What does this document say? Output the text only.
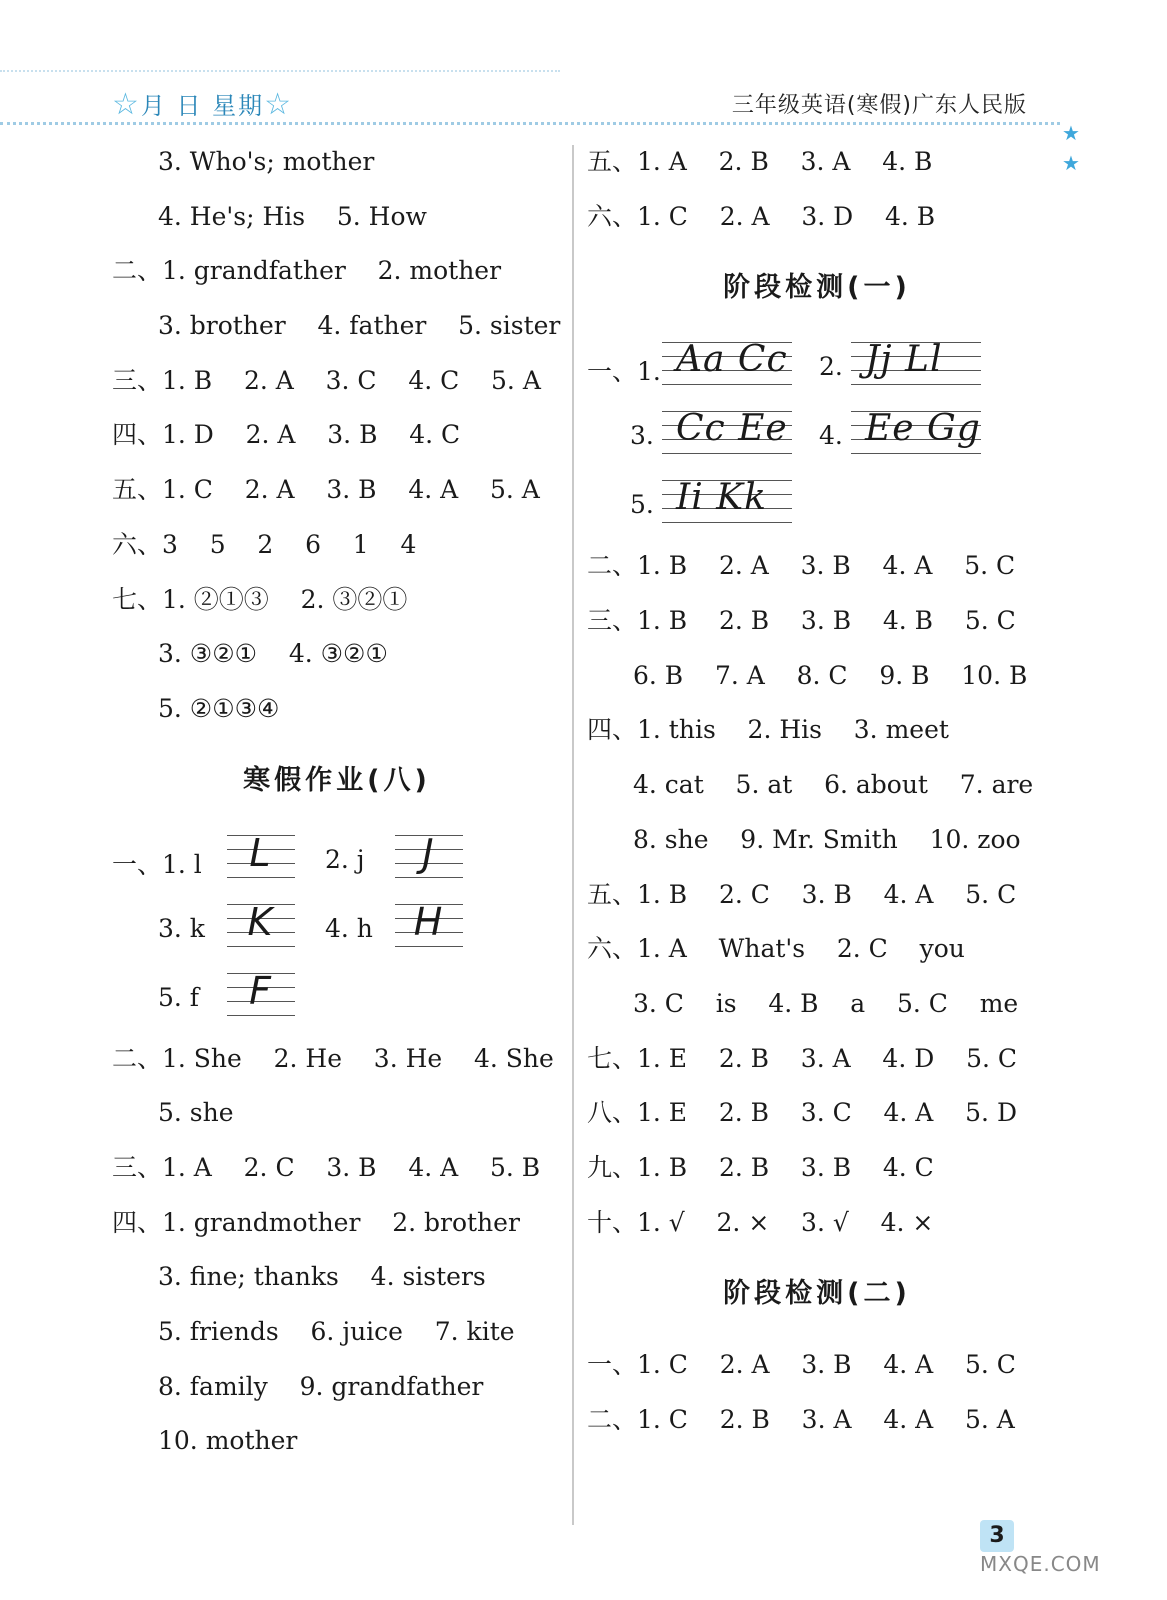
☆月 日 星期☆	三年级英语(寒假)广东人民版
★
★
3. Who's; mother
4. He's; His    5. How
二、1. grandfather    2. mother
3. brother    4. father    5. sister
三、1. B    2. A    3. C    4. C    5. A
四、1. D    2. A    3. B    4. C
五、1. C    2. A    3. B    4. A    5. A
六、3    5    2    6    1    4
七、1. ②①③    2. ③②①
3. ③②①    4. ③②①
5. ②①③④
寒假作业(八)
一、1. l	L	2. j	J
3. k	K	4. h	H
5. f	F
二、1. She    2. He    3. He    4. She
5. she
三、1. A    2. C    3. B    4. A    5. B
四、1. grandmother    2. brother
3. fine; thanks    4. sisters
5. friends    6. juice    7. kite
8. family    9. grandfather
10. mother
五、1. A    2. B    3. A    4. B
六、1. C    2. A    3. D    4. B
阶段检测(一)
一、1. Aa Cc 2. Jj Ll
3. Cc Ee 4. Ee Gg
5. Ii Kk
二、1. B    2. A    3. B    4. A    5. C
三、1. B    2. B    3. B    4. B    5. C
6. B    7. A    8. C    9. B    10. B
四、1. this    2. His    3. meet
4. cat    5. at    6. about    7. are
8. she    9. Mr. Smith    10. zoo
五、1. B    2. C    3. B    4. A    5. C
六、1. A    What's    2. C    you
3. C    is    4. B    a    5. C    me
七、1. E    2. B    3. A    4. D    5. C
八、1. E    2. B    3. C    4. A    5. D
九、1. B    2. B    3. B    4. C
十、1. √    2. ×    3. √    4. ×
阶段检测(二)
一、1. C    2. A    3. B    4. A    5. C
二、1. C    2. B    3. A    4. A    5. A
3
MXQE.COM
